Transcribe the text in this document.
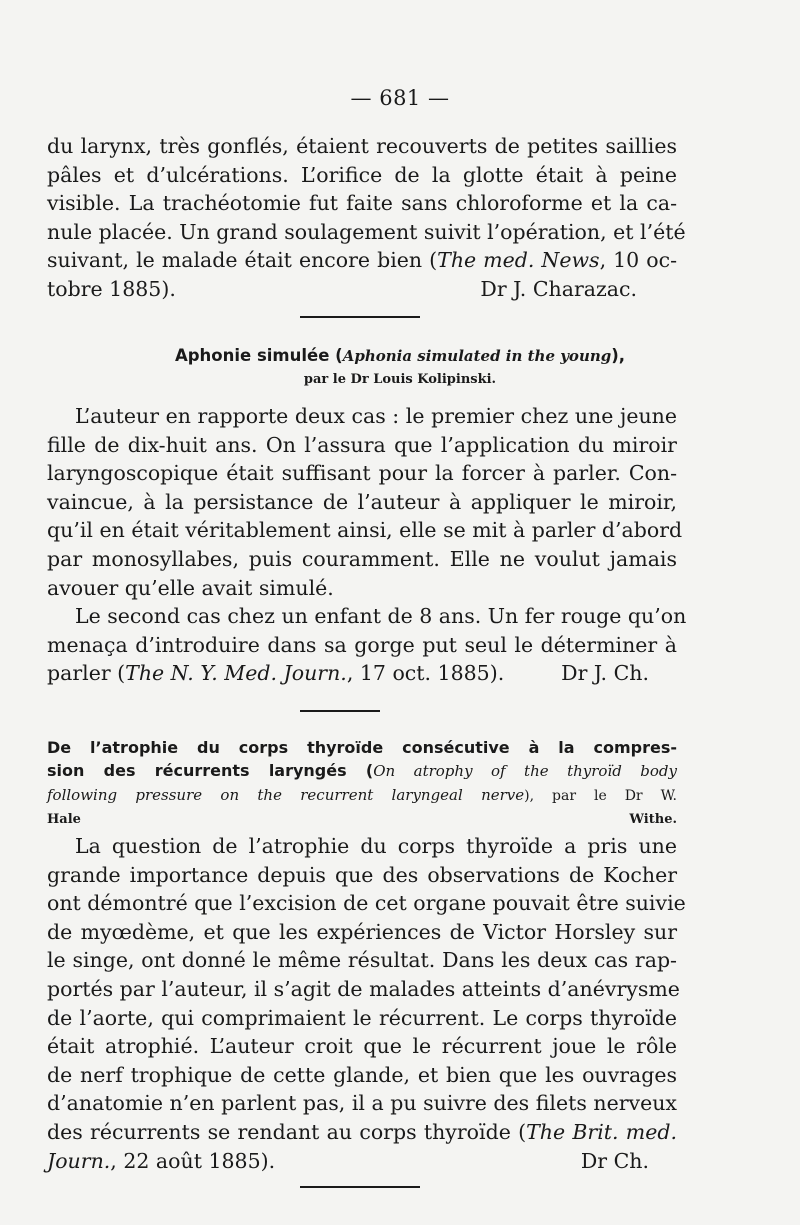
— 681 —
du larynx, très gonflés, étaient recouverts de petites saillies
pâles et d’ulcérations. L’orifice de la glotte était à peine
visible. La trachéotomie fut faite sans chloroforme et la ca-
nule placée. Un grand soulagement suivit l’opération, et l’été
suivant, le malade était encore bien (The med. News, 10 oc-
tobre 1885).	Dr J. Charazac.
Aphonie simulée (Aphonia simulated in the young),
par le Dr Louis Kolipinski.
L’auteur en rapporte deux cas : le premier chez une jeune
fille de dix-huit ans. On l’assura que l’application du miroir
laryngoscopique était suffisant pour la forcer à parler. Con-
vaincue, à la persistance de l’auteur à appliquer le miroir,
qu’il en était véritablement ainsi, elle se mit à parler d’abord
par monosyllabes, puis couramment. Elle ne voulut jamais
avouer qu’elle avait simulé.
Le second cas chez un enfant de 8 ans. Un fer rouge qu’on
menaça d’introduire dans sa gorge put seul le déterminer à
parler (The N. Y. Med. Journ., 17 oct. 1885).	Dr J. Ch.
De l’atrophie du corps thyroïde consécutive à la compres-
sion des récurrents laryngés (On atrophy of the thyroïd body
following pressure on the recurrent laryngeal nerve), par le Dr W.
Hale Withe.
La question de l’atrophie du corps thyroïde a pris une
grande importance depuis que des observations de Kocher
ont démontré que l’excision de cet organe pouvait être suivie
de myœdème, et que les expériences de Victor Horsley sur
le singe, ont donné le même résultat. Dans les deux cas rap-
portés par l’auteur, il s’agit de malades atteints d’anévrysme
de l’aorte, qui comprimaient le récurrent. Le corps thyroïde
était atrophié. L’auteur croit que le récurrent joue le rôle
de nerf trophique de cette glande, et bien que les ouvrages
d’anatomie n’en parlent pas, il a pu suivre des filets nerveux
des récurrents se rendant au corps thyroïde (The Brit. med.
Journ., 22 août 1885).	Dr Ch.
